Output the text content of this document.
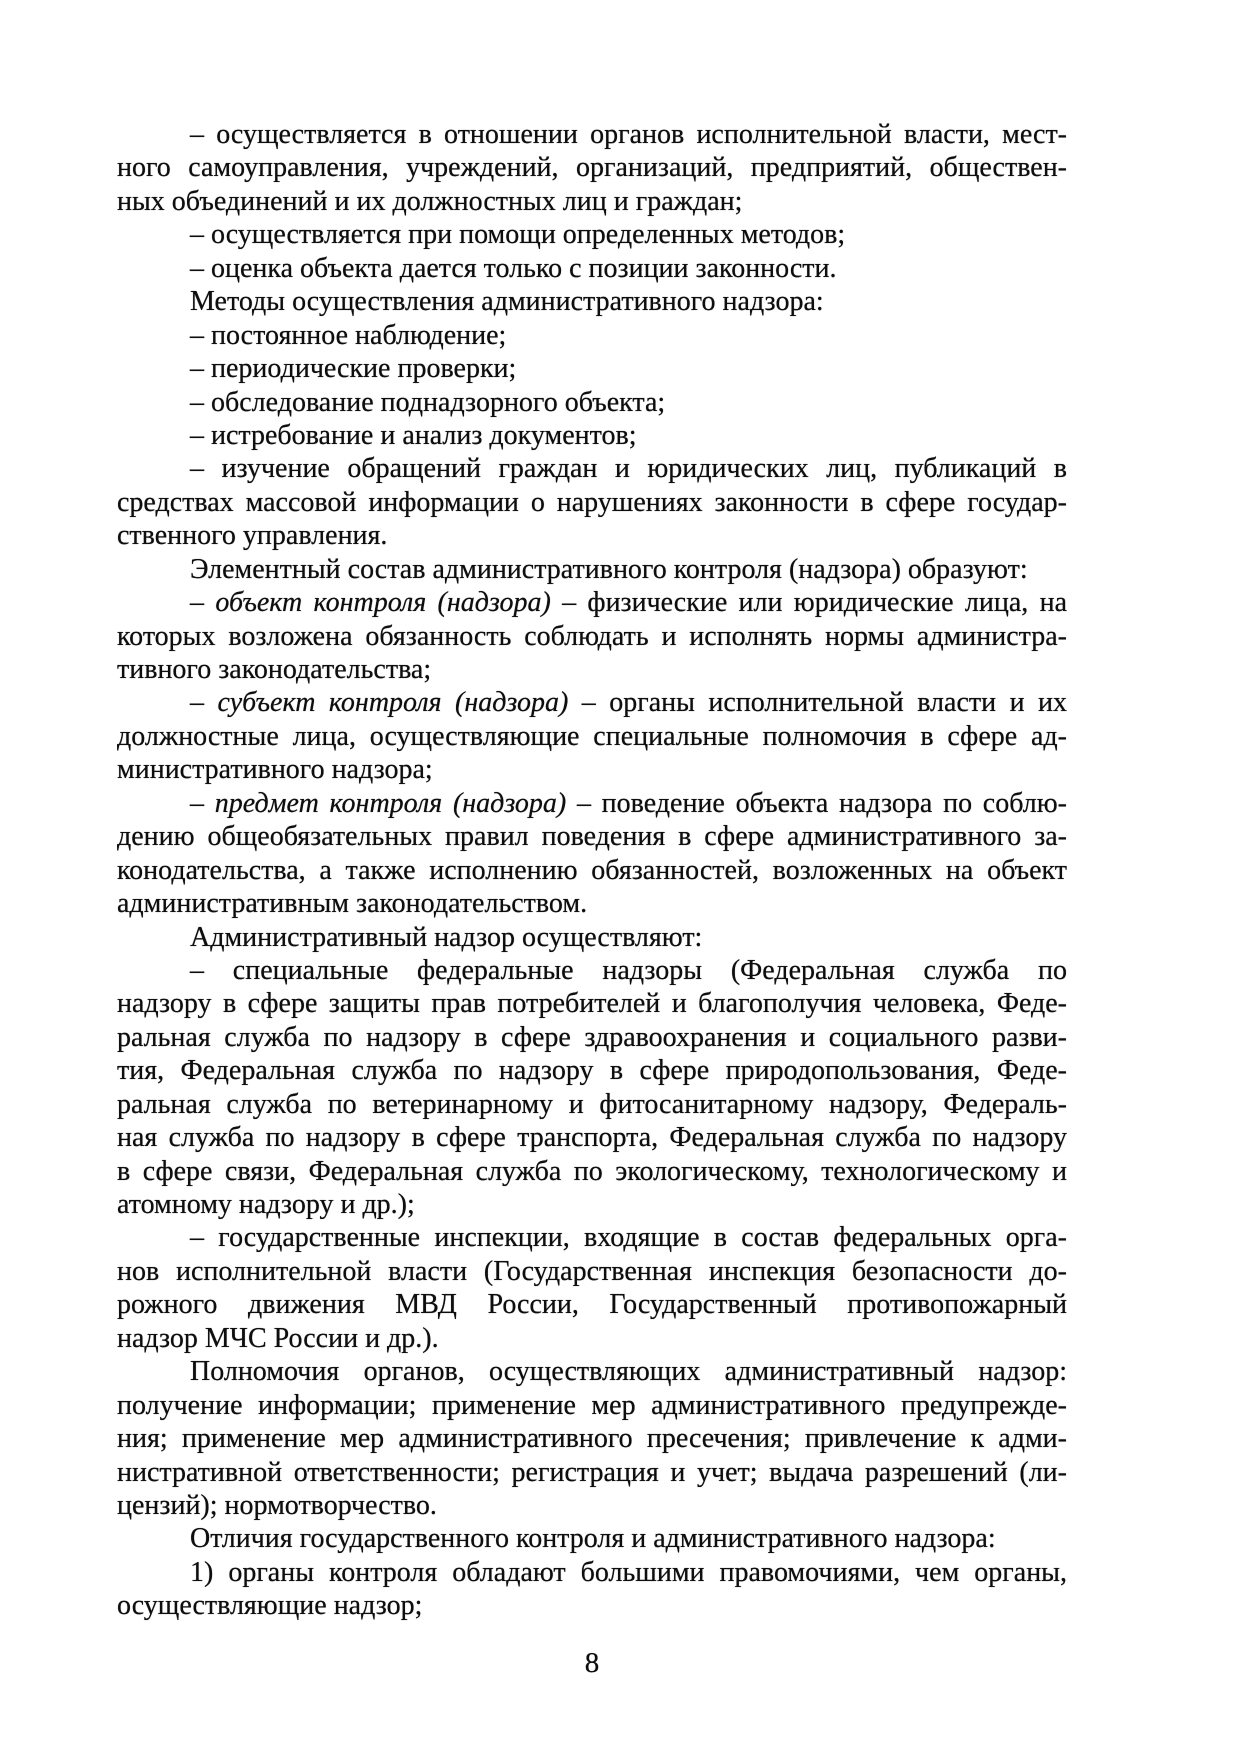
– осуществляется в отношении органов исполнительной власти, мест-
ного самоуправления, учреждений, организаций, предприятий, обществен-
ных объединений и их должностных лиц и граждан;
– осуществляется при помощи определенных методов;
– оценка объекта дается только с позиции законности.
Методы осуществления административного надзора:
– постоянное наблюдение;
– периодические проверки;
– обследование поднадзорного объекта;
– истребование и анализ документов;
– изучение обращений граждан и юридических лиц, публикаций в
средствах массовой информации о нарушениях законности в сфере государ-
ственного управления.
Элементный состав административного контроля (надзора) образуют:
– объект контроля (надзора) – физические или юридические лица, на
которых возложена обязанность соблюдать и исполнять нормы администра-
тивного законодательства;
– субъект контроля (надзора) – органы исполнительной власти и их
должностные лица, осуществляющие специальные полномочия в сфере ад-
министративного надзора;
– предмет контроля (надзора) – поведение объекта надзора по соблю-
дению общеобязательных правил поведения в сфере административного за-
конодательства, а также исполнению обязанностей, возложенных на объект
административным законодательством.
Административный надзор осуществляют:
– специальные федеральные надзоры (Федеральная служба по
надзору в сфере защиты прав потребителей и благополучия человека, Феде-
ральная служба по надзору в сфере здравоохранения и социального разви-
тия, Федеральная служба по надзору в сфере природопользования, Феде-
ральная служба по ветеринарному и фитосанитарному надзору, Федераль-
ная служба по надзору в сфере транспорта, Федеральная служба по надзору
в сфере связи, Федеральная служба по экологическому, технологическому и
атомному надзору и др.);
– государственные инспекции, входящие в состав федеральных орга-
нов исполнительной власти (Государственная инспекция безопасности до-
рожного движения МВД России, Государственный противопожарный
надзор МЧС России и др.).
Полномочия органов, осуществляющих административный надзор:
получение информации; применение мер административного предупрежде-
ния; применение мер административного пресечения; привлечение к адми-
нистративной ответственности; регистрация и учет; выдача разрешений (ли-
цензий); нормотворчество.
Отличия государственного контроля и административного надзора:
1) органы контроля обладают большими правомочиями, чем органы,
осуществляющие надзор;
8
